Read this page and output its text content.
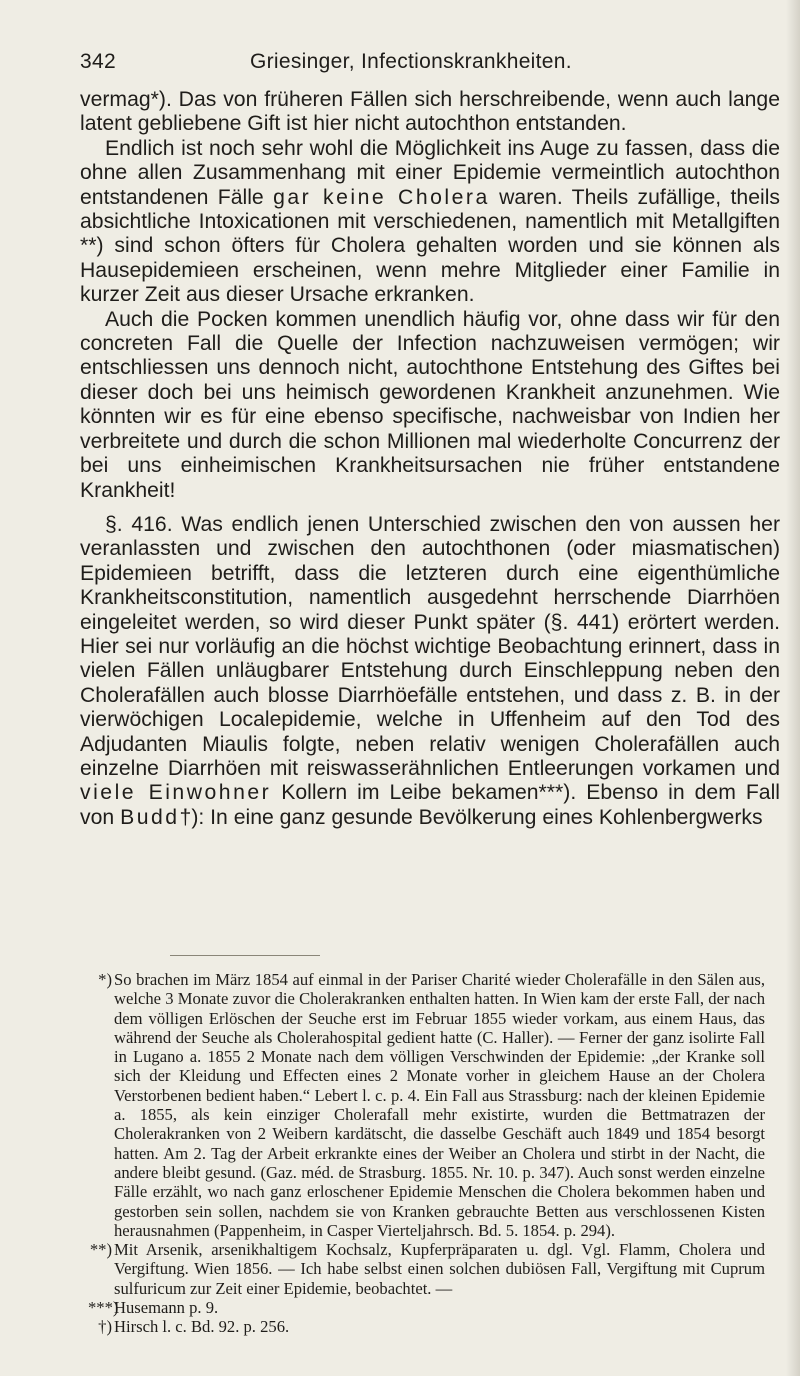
342	Griesinger, Infectionskrankheiten.

vermag*). Das von früheren Fällen sich herschreibende, wenn auch lange latent gebliebene Gift ist hier nicht autochthon entstanden.

Endlich ist noch sehr wohl die Möglichkeit ins Auge zu fassen, dass die ohne allen Zusammenhang mit einer Epidemie vermeintlich autochthon entstandenen Fälle gar keine Cholera waren. Theils zufällige, theils absichtliche Intoxicationen mit verschiedenen, namentlich mit Metallgiften **) sind schon öfters für Cholera gehalten worden und sie können als Hausepidemieen erscheinen, wenn mehre Mitglieder einer Familie in kurzer Zeit aus dieser Ursache erkranken.

Auch die Pocken kommen unendlich häufig vor, ohne dass wir für den concreten Fall die Quelle der Infection nachzuweisen vermögen; wir entschliessen uns dennoch nicht, autochthone Entstehung des Giftes bei dieser doch bei uns heimisch gewordenen Krankheit anzunehmen. Wie könnten wir es für eine ebenso specifische, nachweisbar von Indien her verbreitete und durch die schon Millionen mal wiederholte Concurrenz der bei uns einheimischen Krankheitsursachen nie früher entstandene Krankheit!

§. 416. Was endlich jenen Unterschied zwischen den von aussen her veranlassten und zwischen den autochthonen (oder miasmatischen) Epidemieen betrifft, dass die letzteren durch eine eigenthümliche Krankheitsconstitution, namentlich ausgedehnt herrschende Diarrhöen eingeleitet werden, so wird dieser Punkt später (§. 441) erörtert werden. Hier sei nur vorläufig an die höchst wichtige Beobachtung erinnert, dass in vielen Fällen unläugbarer Entstehung durch Einschleppung neben den Cholerafällen auch blosse Diarrhöefälle entstehen, und dass z. B. in der vierwöchigen Localepidemie, welche in Uffenheim auf den Tod des Adjudanten Miaulis folgte, neben relativ wenigen Cholerafällen auch einzelne Diarrhöen mit reiswasserähnlichen Entleerungen vorkamen und viele Einwohner Kollern im Leibe bekamen***). Ebenso in dem Fall von Budd†): In eine ganz gesunde Bevölkerung eines Kohlenbergwerks

*) So brachen im März 1854 auf einmal in der Pariser Charité wieder Cholerafälle in den Sälen aus, welche 3 Monate zuvor die Cholerakranken enthalten hatten. In Wien kam der erste Fall, der nach dem völligen Erlöschen der Seuche erst im Februar 1855 wieder vorkam, aus einem Haus, das während der Seuche als Cholerahospital gedient hatte (C. Haller). — Ferner der ganz isolirte Fall in Lugano a. 1855 2 Monate nach dem völligen Verschwinden der Epidemie: „der Kranke soll sich der Kleidung und Effecten eines 2 Monate vorher in gleichem Hause an der Cholera Verstorbenen bedient haben.“ Lebert l. c. p. 4. Ein Fall aus Strassburg: nach der kleinen Epidemie a. 1855, als kein einziger Cholerafall mehr existirte, wurden die Bettmatrazen der Cholerakranken von 2 Weibern kardätscht, die dasselbe Geschäft auch 1849 und 1854 besorgt hatten. Am 2. Tag der Arbeit erkrankte eines der Weiber an Cholera und stirbt in der Nacht, die andere bleibt gesund. (Gaz. méd. de Strasburg. 1855. Nr. 10. p. 347). Auch sonst werden einzelne Fälle erzählt, wo nach ganz erloschener Epidemie Menschen die Cholera bekommen haben und gestorben sein sollen, nachdem sie von Kranken gebrauchte Betten aus verschlossenen Kisten herausnahmen (Pappenheim, in Casper Vierteljahrsch. Bd. 5. 1854. p. 294).

**) Mit Arsenik, arsenikhaltigem Kochsalz, Kupferpräparaten u. dgl. Vgl. Flamm, Cholera und Vergiftung. Wien 1856. — Ich habe selbst einen solchen dubiösen Fall, Vergiftung mit Cuprum sulfuricum zur Zeit einer Epidemie, beobachtet. —

***)
Husemann p. 9.

†) Hirsch l. c. Bd. 92. p. 256.
